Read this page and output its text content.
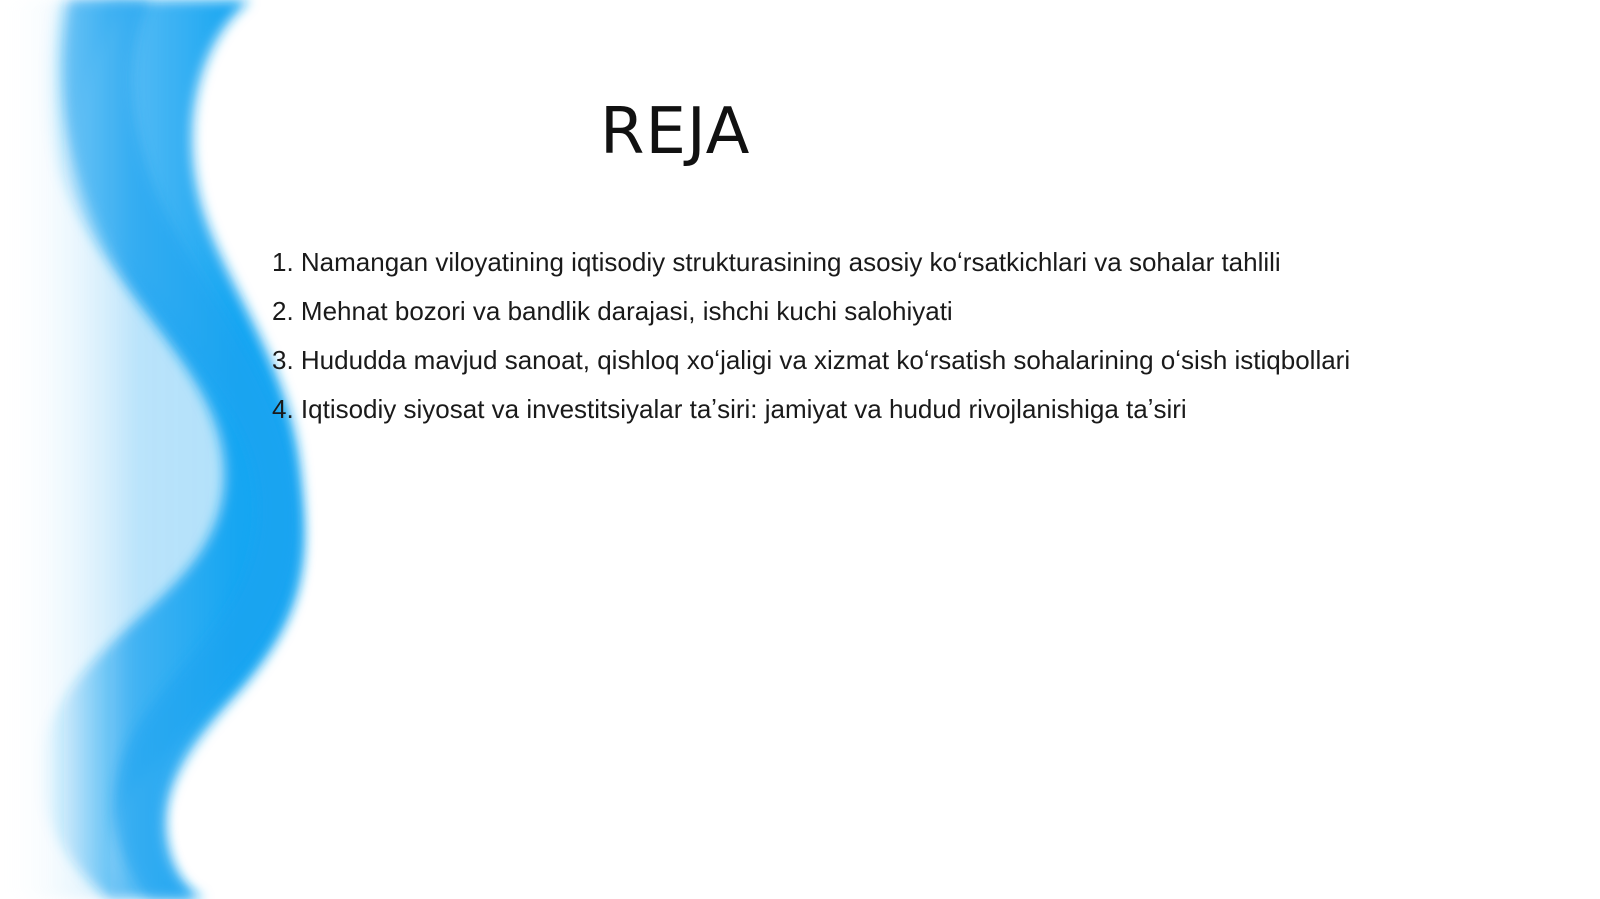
REJA
1. Namangan viloyatining iqtisodiy strukturasining asosiy koʻrsatkichlari va sohalar tahlili
2. Mehnat bozori va bandlik darajasi, ishchi kuchi salohiyati
3. Hududda mavjud sanoat, qishloq xoʻjaligi va xizmat koʻrsatish sohalarining oʻsish istiqbollari
4. Iqtisodiy siyosat va investitsiyalar taʼsiri: jamiyat va hudud rivojlanishiga taʼsiri
